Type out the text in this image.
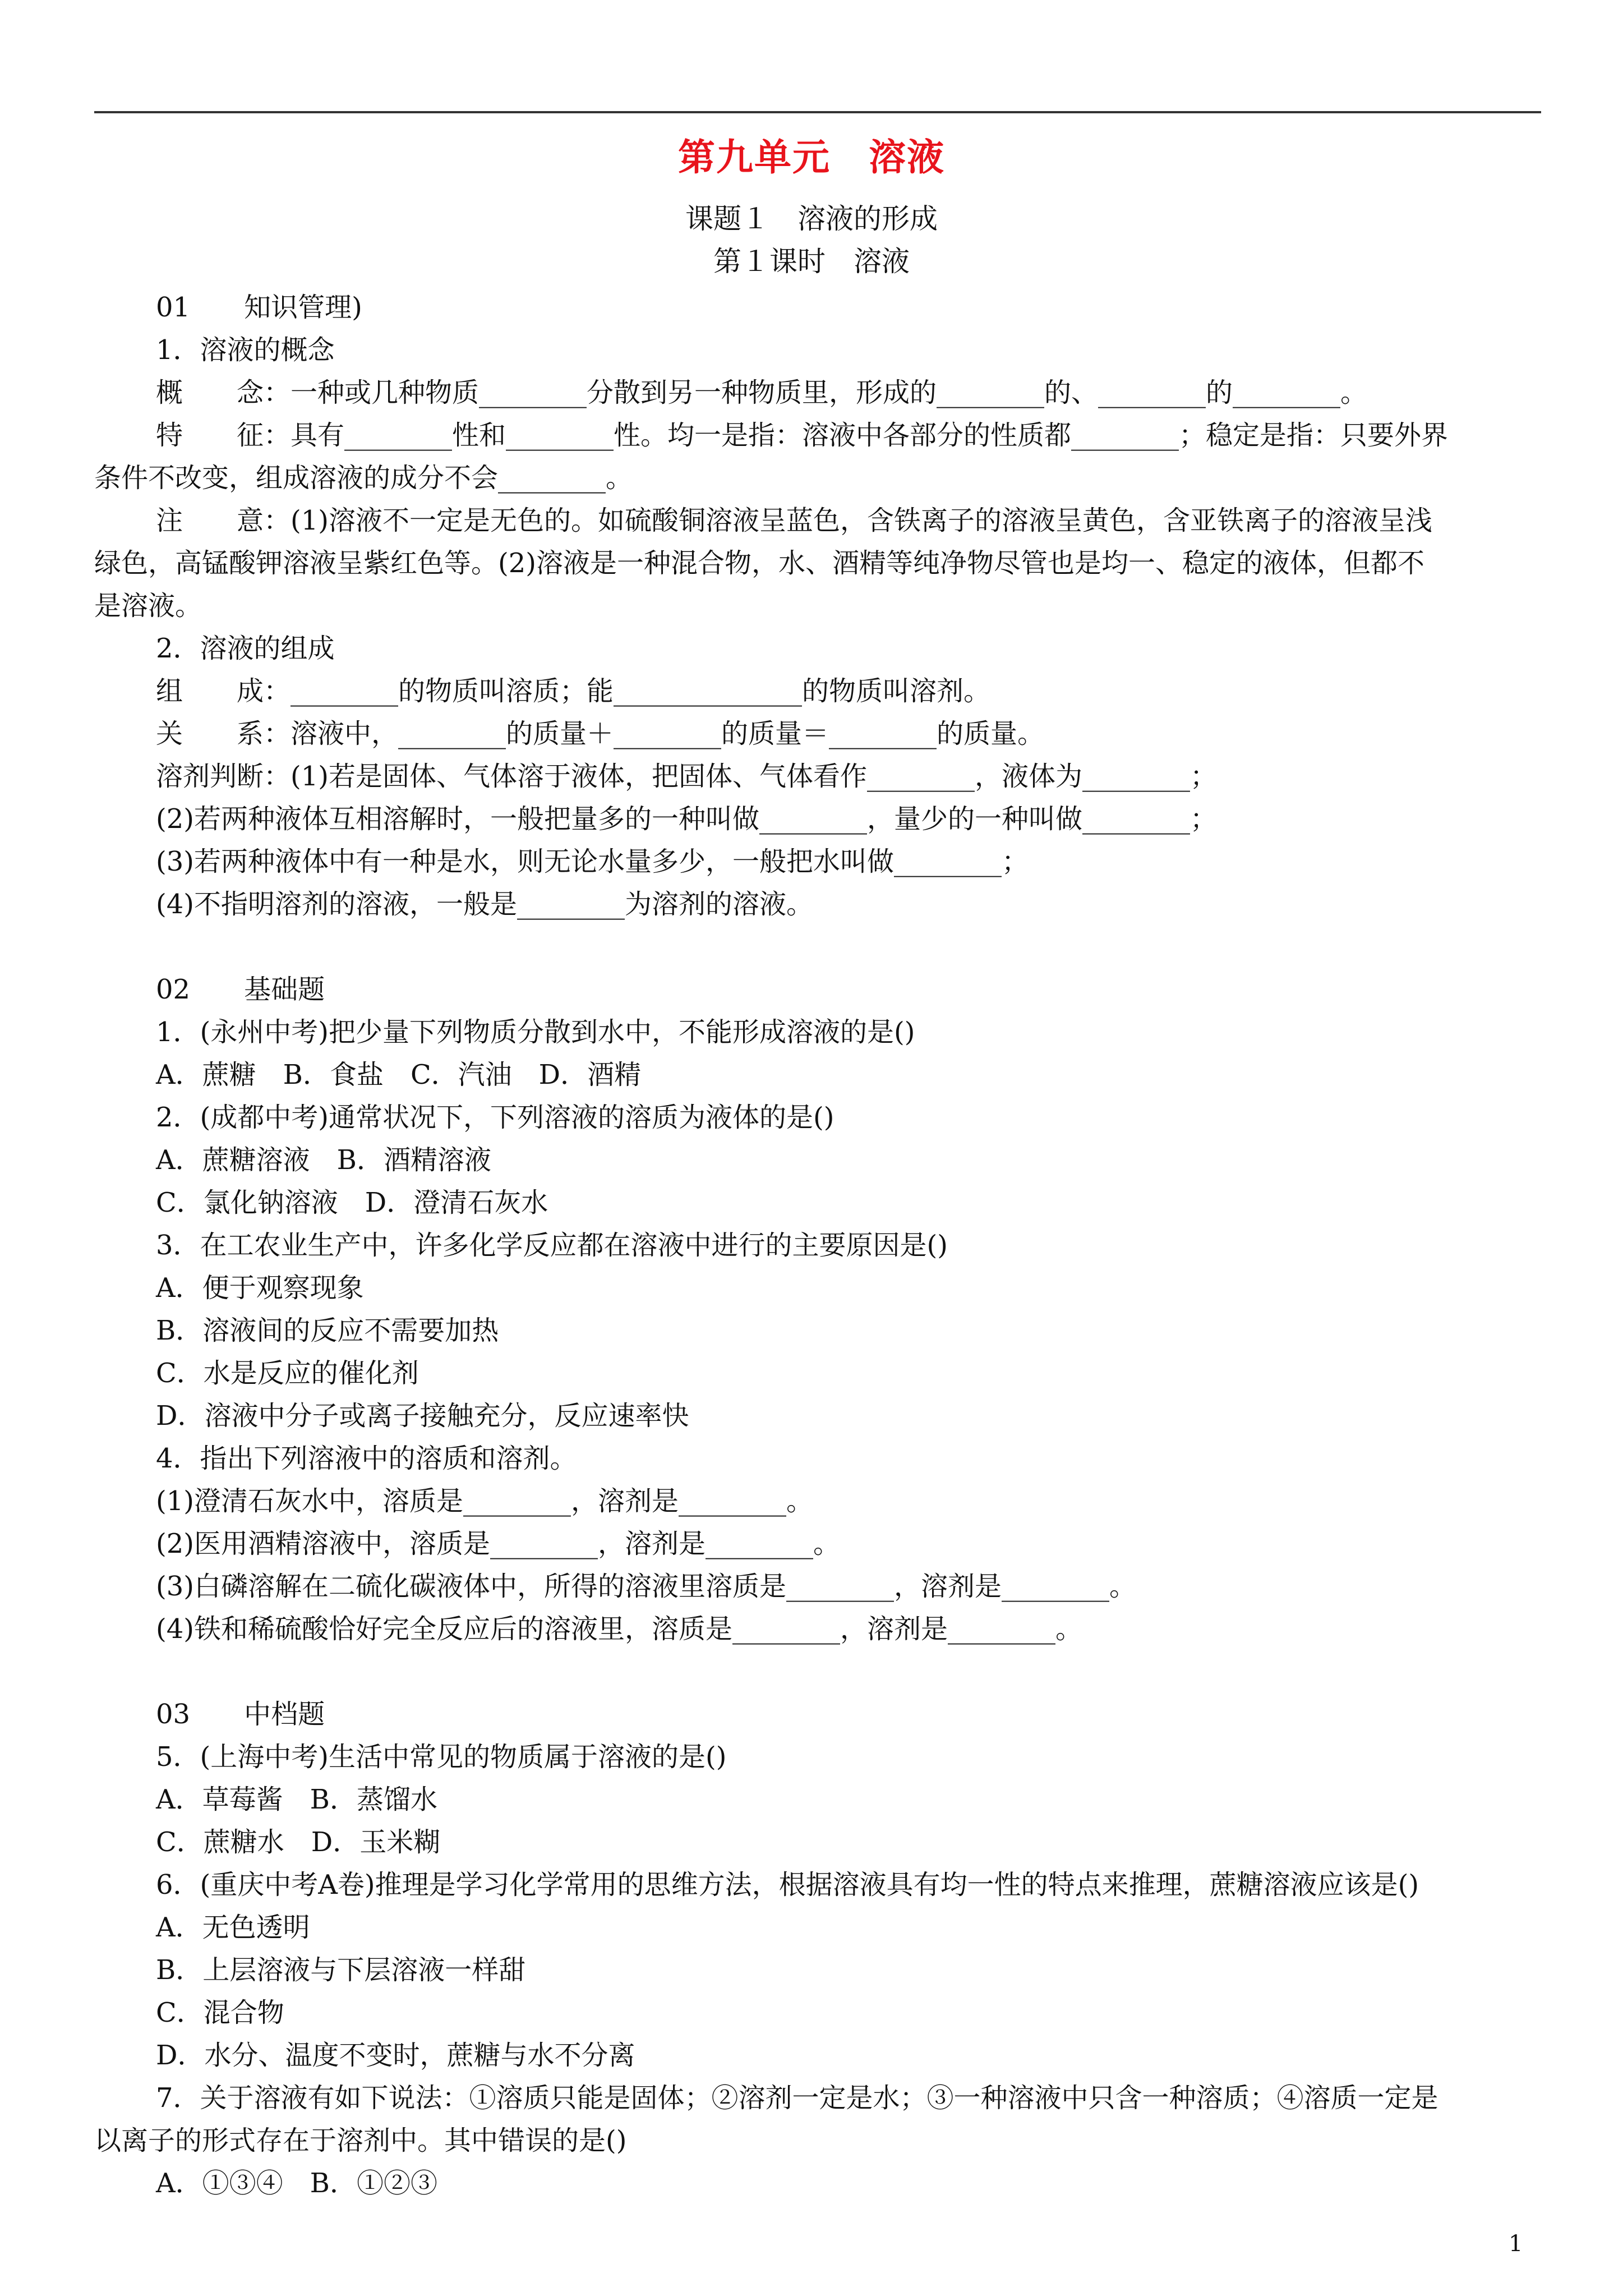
第九单元　溶液
课题１　溶液的形成
第１课时　溶液
01　　知识管理)
1．溶液的概念
概　　念：一种或几种物质________分散到另一种物质里，形成的________的、________的________。
特　　征：具有________性和________性。均一是指：溶液中各部分的性质都________；稳定是指：只要外界
条件不改变，组成溶液的成分不会________。
注　　意：(1)溶液不一定是无色的。如硫酸铜溶液呈蓝色，含铁离子的溶液呈黄色，含亚铁离子的溶液呈浅
绿色，高锰酸钾溶液呈紫红色等。(2)溶液是一种混合物，水、酒精等纯净物尽管也是均一、稳定的液体，但都不
是溶液。
2．溶液的组成
组　　成：________的物质叫溶质；能______________的物质叫溶剂。
关　　系：溶液中，________的质量＋________的质量＝________的质量。
溶剂判断：(1)若是固体、气体溶于液体，把固体、气体看作________，液体为________；
(2)若两种液体互相溶解时，一般把量多的一种叫做________，量少的一种叫做________；
(3)若两种液体中有一种是水，则无论水量多少，一般把水叫做________；
(4)不指明溶剂的溶液，一般是________为溶剂的溶液。
02　　基础题
1．(永州中考)把少量下列物质分散到水中，不能形成溶液的是()
A．蔗糖　B．食盐　C．汽油　D．酒精
2．(成都中考)通常状况下，下列溶液的溶质为液体的是()
A．蔗糖溶液　B．酒精溶液
C．氯化钠溶液　D．澄清石灰水
3．在工农业生产中，许多化学反应都在溶液中进行的主要原因是()
A．便于观察现象
B．溶液间的反应不需要加热
C．水是反应的催化剂
D．溶液中分子或离子接触充分，反应速率快
4．指出下列溶液中的溶质和溶剂。
(1)澄清石灰水中，溶质是________，溶剂是________。
(2)医用酒精溶液中，溶质是________，溶剂是________。
(3)白磷溶解在二硫化碳液体中，所得的溶液里溶质是________，溶剂是________。
(4)铁和稀硫酸恰好完全反应后的溶液里，溶质是________，溶剂是________。
03　　中档题
5．(上海中考)生活中常见的物质属于溶液的是()
A．草莓酱　B．蒸馏水
C．蔗糖水　D．玉米糊
6．(重庆中考A卷)推理是学习化学常用的思维方法，根据溶液具有均一性的特点来推理，蔗糖溶液应该是()
A．无色透明
B．上层溶液与下层溶液一样甜
C．混合物
D．水分、温度不变时，蔗糖与水不分离
7．关于溶液有如下说法：①溶质只能是固体；②溶剂一定是水；③一种溶液中只含一种溶质；④溶质一定是
以离子的形式存在于溶剂中。其中错误的是()
A．①③④　B．①②③
1
